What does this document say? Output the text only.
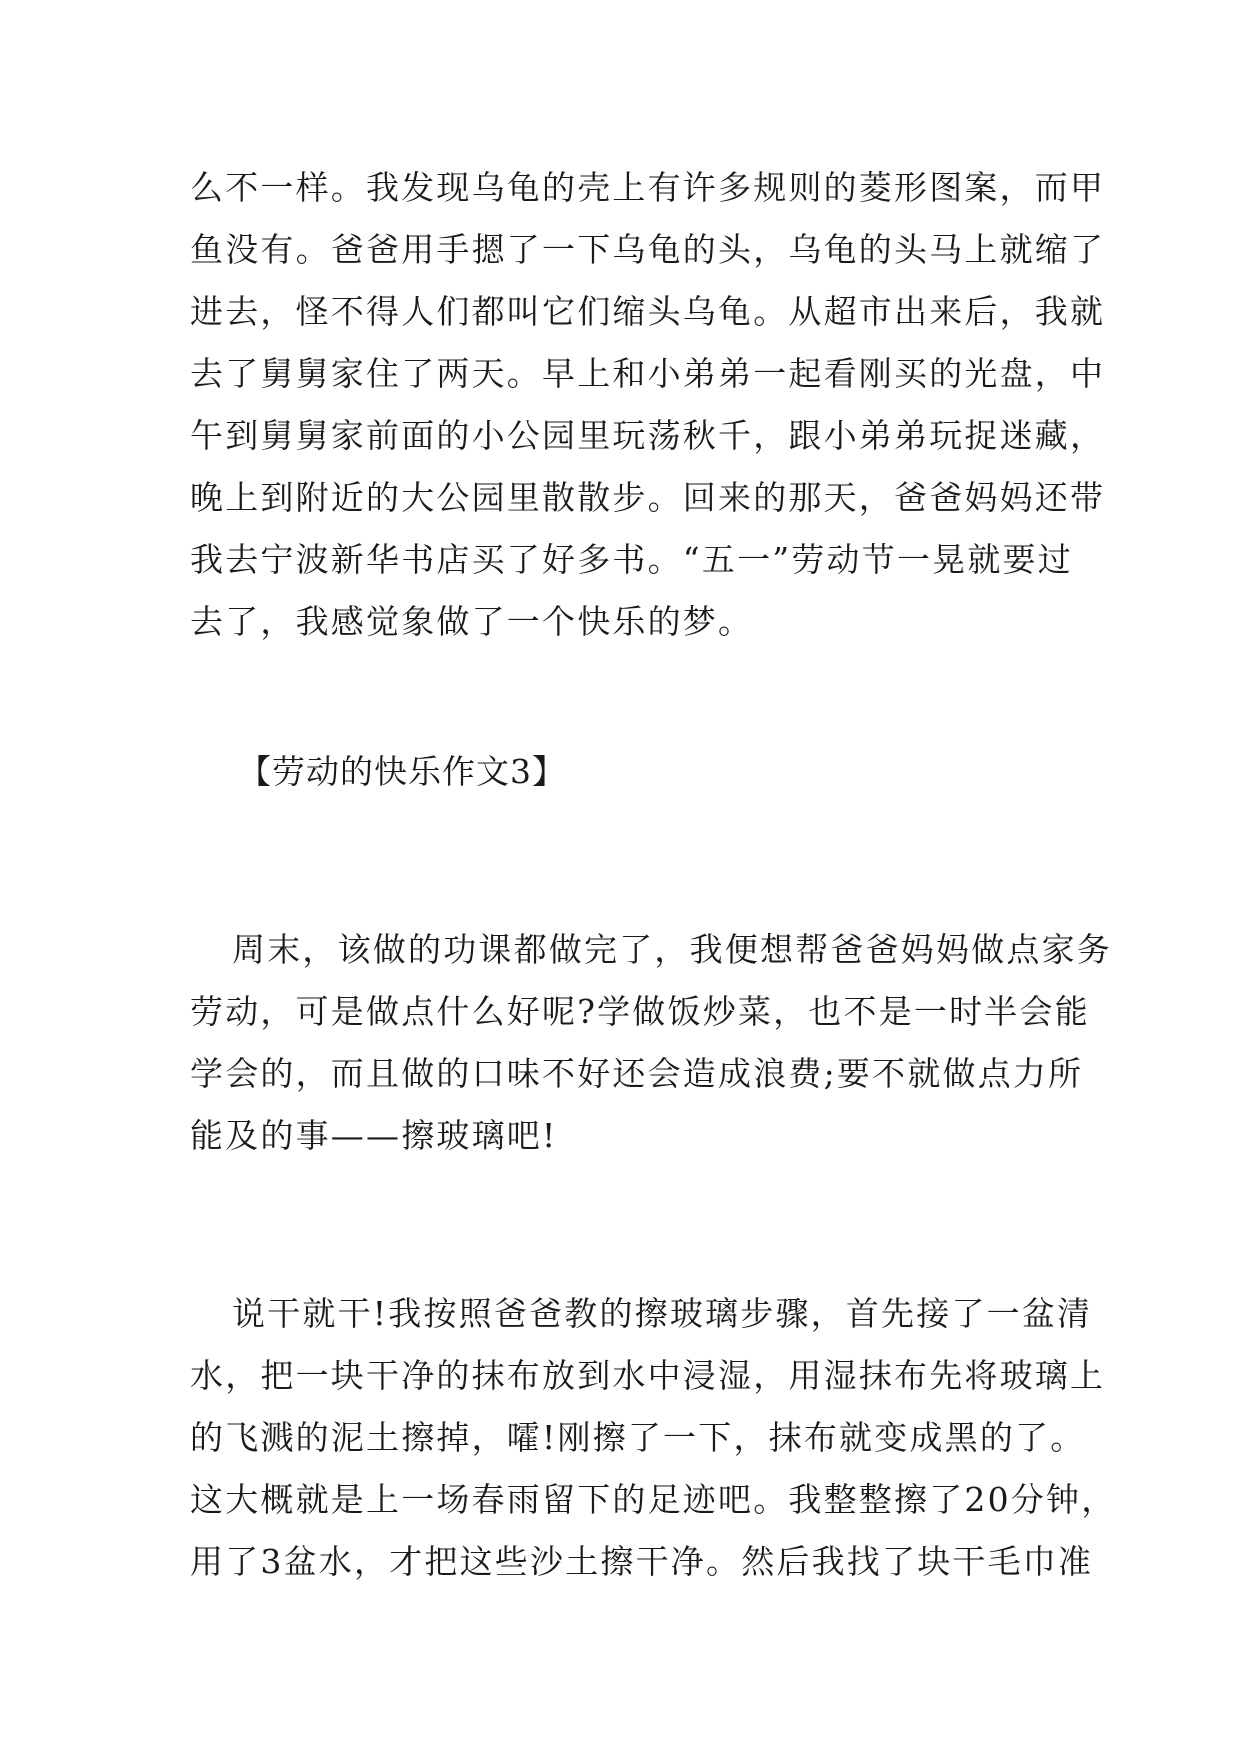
么不一样。我发现乌龟的壳上有许多规则的菱形图案，而甲
鱼没有。爸爸用手摁了一下乌龟的头，乌龟的头马上就缩了
进去，怪不得人们都叫它们缩头乌龟。从超市出来后，我就
去了舅舅家住了两天。早上和小弟弟一起看刚买的光盘，中
午到舅舅家前面的小公园里玩荡秋千，跟小弟弟玩捉迷藏，
晚上到附近的大公园里散散步。回来的那天，爸爸妈妈还带
我去宁波新华书店买了好多书。“五一”劳动节一晃就要过
去了，我感觉象做了一个快乐的梦。
【劳动的快乐作文3】
周末，该做的功课都做完了，我便想帮爸爸妈妈做点家务
劳动，可是做点什么好呢?学做饭炒菜，也不是一时半会能
学会的，而且做的口味不好还会造成浪费;要不就做点力所
能及的事——擦玻璃吧!
说干就干!我按照爸爸教的擦玻璃步骤，首先接了一盆清
水，把一块干净的抹布放到水中浸湿，用湿抹布先将玻璃上
的飞溅的泥土擦掉，嚯!刚擦了一下，抹布就变成黑的了。
这大概就是上一场春雨留下的足迹吧。我整整擦了20分钟，
用了3盆水，才把这些沙土擦干净。然后我找了块干毛巾准
